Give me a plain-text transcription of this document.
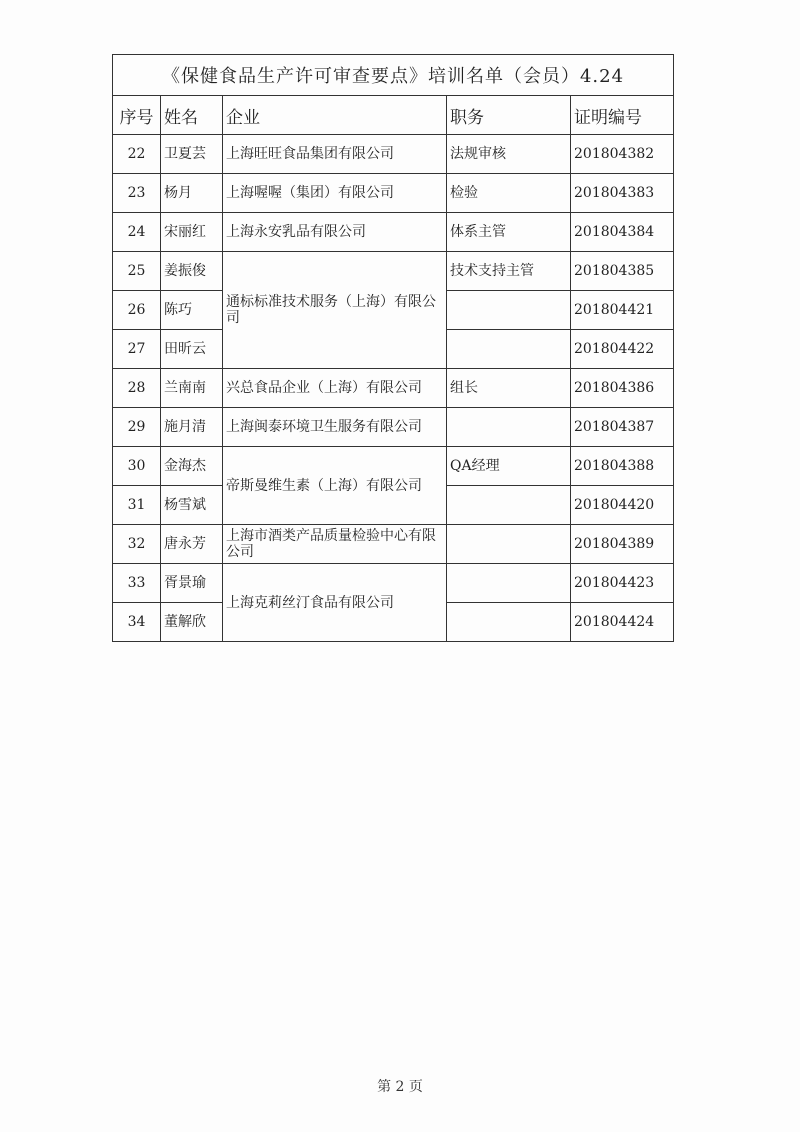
《保健食品生产许可审查要点》培训名单（会员）4.24				
序号	姓名	企业	职务	证明编号
22	卫夏芸	上海旺旺食品集团有限公司	法规审核	201804382
23	杨月	上海喔喔（集团）有限公司	检验	201804383
24	宋丽红	上海永安乳品有限公司	体系主管	201804384
25	姜振俊	通标标准技术服务（上海）有限公司	技术支持主管	201804385
26	陈巧			201804421
27	田昕云			201804422
28	兰南南	兴总食品企业（上海）有限公司	组长	201804386
29	施月清	上海闽泰环境卫生服务有限公司		201804387
30	金海杰	帝斯曼维生素（上海）有限公司	QA经理	201804388
31	杨雪斌			201804420
32	唐永芳	上海市酒类产品质量检验中心有限公司		201804389
33	胥景瑜	上海克莉丝汀食品有限公司		201804423
34	董解欣			201804424
第 2 页
